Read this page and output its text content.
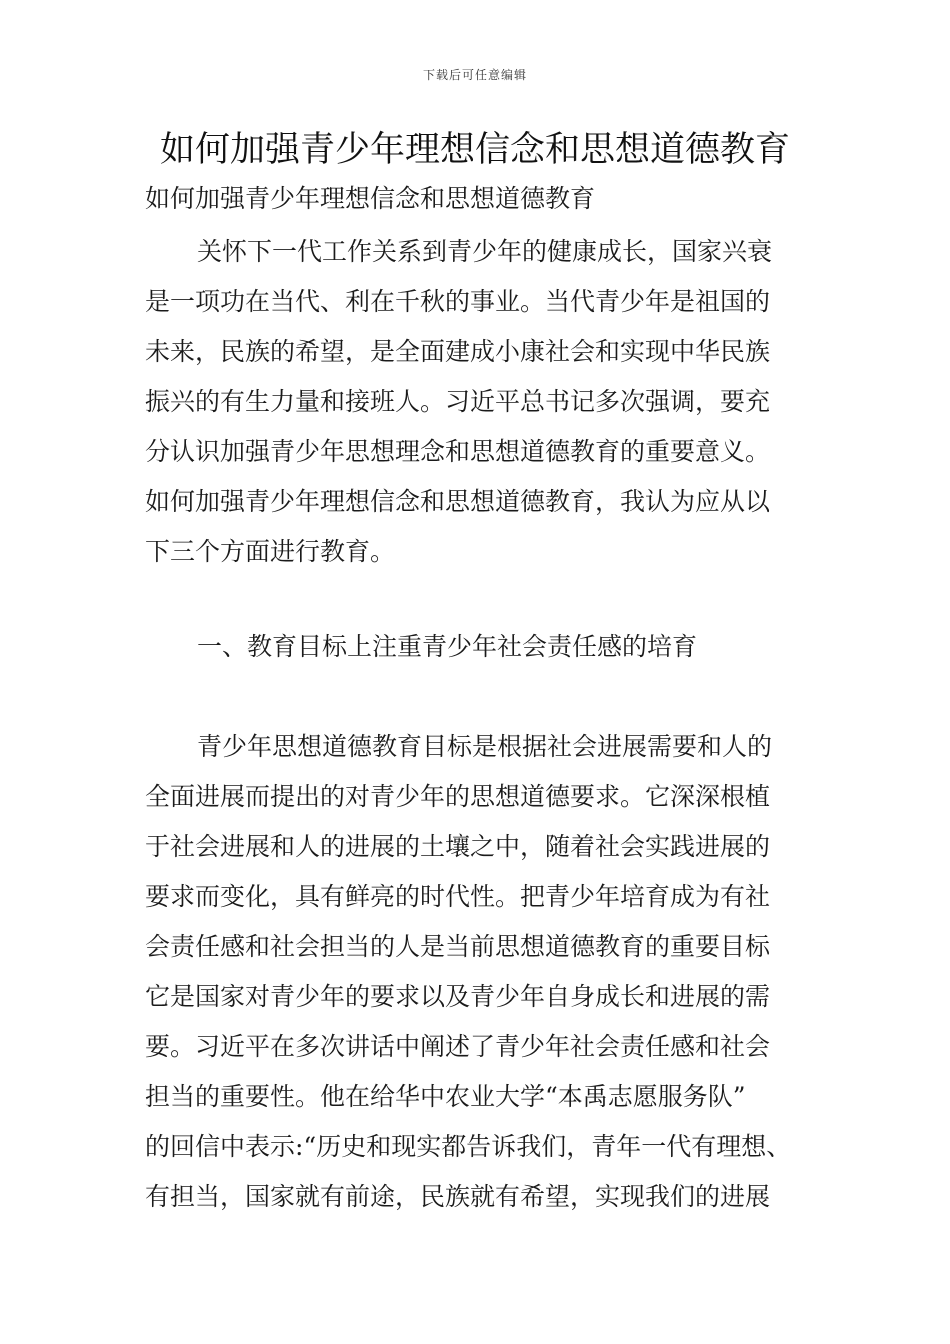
下载后可任意编辑
如何加强青少年理想信念和思想道德教育
如何加强青少年理想信念和思想道德教育
关怀下一代工作关系到青少年的健康成长，国家兴衰
是一项功在当代、利在千秋的事业。当代青少年是祖国的
未来，民族的希望，是全面建成小康社会和实现中华民族
振兴的有生力量和接班人。习近平总书记多次强调，要充
分认识加强青少年思想理念和思想道德教育的重要意义。
如何加强青少年理想信念和思想道德教育，我认为应从以
下三个方面进行教育。
一、教育目标上注重青少年社会责任感的培育
青少年思想道德教育目标是根据社会进展需要和人的
全面进展而提出的对青少年的思想道德要求。它深深根植
于社会进展和人的进展的土壤之中，随着社会实践进展的
要求而变化，具有鲜亮的时代性。把青少年培育成为有社
会责任感和社会担当的人是当前思想道德教育的重要目标
它是国家对青少年的要求以及青少年自身成长和进展的需
要。习近平在多次讲话中阐述了青少年社会责任感和社会
担当的重要性。他在给华中农业大学“本禹志愿服务队”
的回信中表示:“历史和现实都告诉我们，青年一代有理想、
有担当，国家就有前途，民族就有希望，实现我们的进展
